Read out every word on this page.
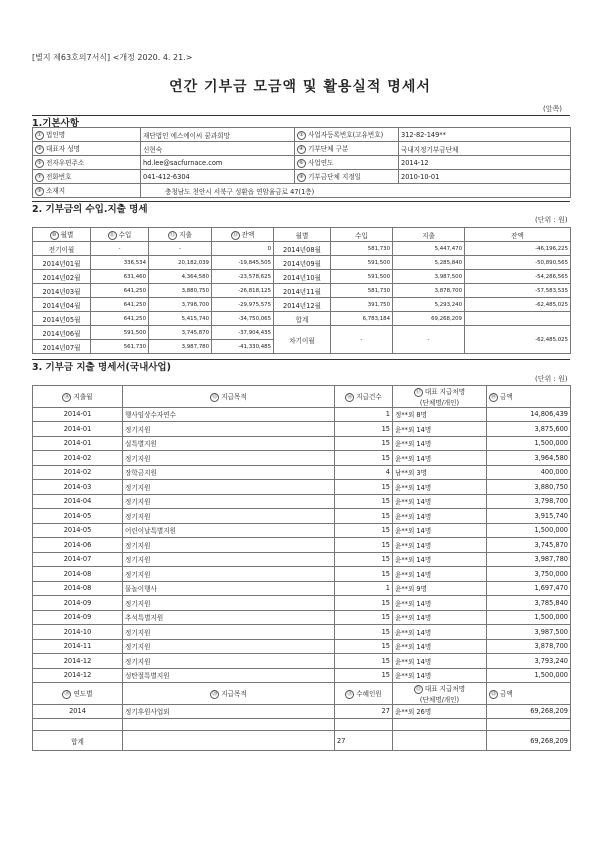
[별지 제63호의7서식] <개정 2020. 4. 21.>
연간 기부금 모금액 및 활용실적 명세서
(앞쪽)
1.기본사항
① 법인명	재단법인 에스에이씨 꿈과희망	② 사업자등록번호(고유번호)	312-82-149**
③ 대표자 성명	신현숙	④ 기부단체 구분	국내지정기부금단체
⑤ 전자우편주소	hd.lee@sacfurnace.com	⑥ 사업연도	2014-12
⑦ 전화번호	041-412-6304	⑧ 기부금단체 지정일	2010-10-01
⑨ 소재지	충청남도 천안시 서북구 성환읍 연암율금로 47(1층)		
2. 기부금의 수입.지출 명세
(단위 : 원)
⑩ 월별	⑪ 수입	⑫ 지출	⑬ 잔액	월별	수입	지출	잔액
전기이월	-	-	0	2014년08월	581,730	5,447,470	-46,196,225
2014년01월	336,534	20,182,039	-19,845,505	2014년09월	591,500	5,285,840	-50,890,565
2014년02월	631,460	4,364,580	-23,578,625	2014년10월	591,500	3,987,500	-54,286,565
2014년03월	641,250	3,880,750	-26,818,125	2014년11월	581,730	3,878,700	-57,583,535
2014년04월	641,250	3,798,700	-29,975,575	2014년12월	391,750	5,293,240	-62,485,025
2014년05월	641,250	5,415,740	-34,750,065	합계	6,783,184	69,268,209	
2014년06월	591,500	3,745,870	-37,904,435	차기이월	-	-	-62,485,025
2014년07월	561,730	3,987,780	-41,330,485				
3. 기부금 지출 명세서(국내사업)
(단위 : 원)
⑭ 지출월	⑮ 지급목적	⑯ 지급건수	⑰ 대표 지급처명
(단체명/개인)	⑱ 금액
2014-01	행사임상수자연수	1	정**외 8명	14,806,439
2014-01	정기지원	15	윤**외 14명	3,875,600
2014-01	설특별지원	15	윤**외 14명	1,500,000
2014-02	정기지원	15	윤**외 14명	3,964,580
2014-02	장학금지원	4	남**외 3명	400,000
2014-03	정기지원	15	윤**외 14명	3,880,750
2014-04	정기지원	15	윤**외 14명	3,798,700
2014-05	정기지원	15	윤**외 14명	3,915,740
2014-05	어린이날특별지원	15	윤**외 14명	1,500,000
2014-06	정기지원	15	윤**외 14명	3,745,870
2014-07	정기지원	15	윤**외 14명	3,987,780
2014-08	정기지원	15	윤**외 14명	3,750,000
2014-08	물놀이행사	1	윤**외 9명	1,697,470
2014-09	정기지원	15	윤**외 14명	3,785,840
2014-09	추석특별지원	15	윤**외 14명	1,500,000
2014-10	정기지원	15	윤**외 14명	3,987,500
2014-11	정기지원	15	윤**외 14명	3,878,700
2014-12	정기지원	15	윤**외 14명	3,793,240
2014-12	성탄절특별지원	15	윤**외 14명	1,500,000
⑲ 연도별	⑳ 지급목적	㉑ 수혜인원	㉒ 대표 지급처명
(단체명/개인)	㉓ 금액
2014	정기후원사업외	27	윤**외 26명	69,268,209

합계		27		69,268,209
